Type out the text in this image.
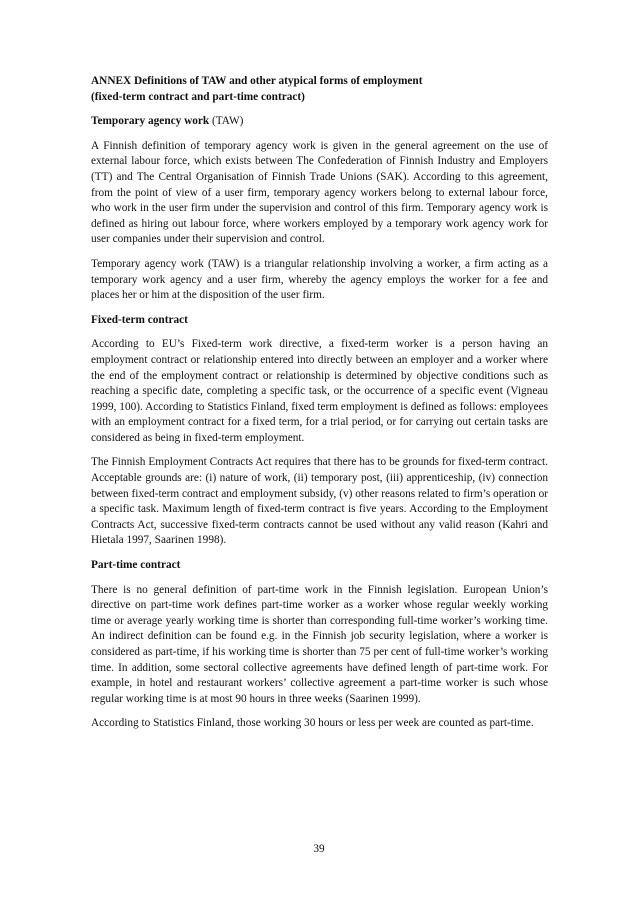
ANNEX Definitions of TAW and other atypical forms of employment
(fixed-term contract and part-time contract)
Temporary agency work (TAW)

A Finnish definition of temporary agency work is given in the general agreement on the use of external labour force, which exists between The Confederation of Finnish Industry and Employers (TT) and The Central Organisation of Finnish Trade Unions (SAK). According to this agreement, from the point of view of a user firm, temporary agency workers belong to external labour force, who work in the user firm under the supervision and control of this firm. Temporary agency work is defined as hiring out labour force, where workers employed by a temporary work agency work for user companies under their supervision and control.

Temporary agency work (TAW) is a triangular relationship involving a worker, a firm acting as a temporary work agency and a user firm, whereby the agency employs the worker for a fee and places her or him at the disposition of the user firm.

Fixed-term contract

According to EU’s Fixed-term work directive, a fixed-term worker is a person having an employment contract or relationship entered into directly between an employer and a worker where the end of the employment contract or relationship is determined by objective conditions such as reaching a specific date, completing a specific task, or the occurrence of a specific event (Vigneau 1999, 100). According to Statistics Finland, fixed term employment is defined as follows: employees with an employment contract for a fixed term, for a trial period, or for carrying out certain tasks are considered as being in fixed-term employment.

The Finnish Employment Contracts Act requires that there has to be grounds for fixed-term contract. Acceptable grounds are: (i) nature of work, (ii) temporary post, (iii) apprenticeship, (iv) connection between fixed-term contract and employment subsidy, (v) other reasons related to firm’s operation or a specific task. Maximum length of fixed-term contract is five years. According to the Employment Contracts Act, successive fixed-term contracts cannot be used without any valid reason (Kahri and Hietala 1997, Saarinen 1998).

Part-time contract

There is no general definition of part-time work in the Finnish legislation. European Union’s directive on part-time work defines part-time worker as a worker whose regular weekly working time or average yearly working time is shorter than corresponding full-time worker’s working time. An indirect definition can be found e.g. in the Finnish job security legislation, where a worker is considered as part-time, if his working time is shorter than 75 per cent of full-time worker’s working time. In addition, some sectoral collective agreements have defined length of part-time work. For example, in hotel and restaurant workers’ collective agreement a part-time worker is such whose regular working time is at most 90 hours in three weeks (Saarinen 1999).

According to Statistics Finland, those working 30 hours or less per week are counted as part-time.

39
